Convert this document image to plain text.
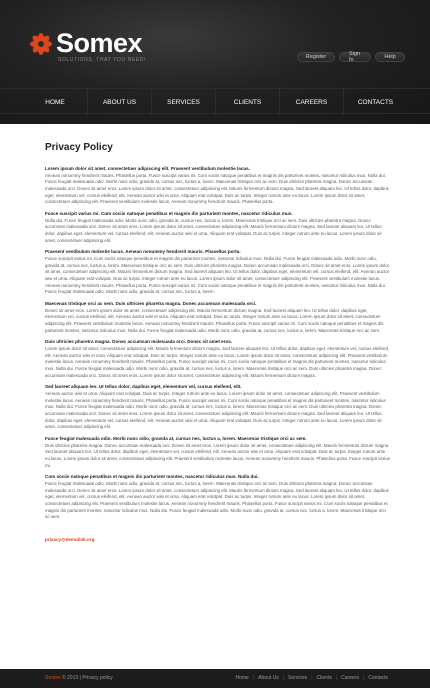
Somex
SOLUTIONS, THAT YOU NEED!	Register	Sign In	Help
HOME	ABOUT US	SERVICES	CLIENTS	CAREERS	CONTACTS
Privacy Policy
Lorem ipsum dolor sit amet, consectetuer adipiscing elit. Praesent vestibulum molestie lacus.
Aenean nonummy hendrerit mauris. Phasellus porta. Fusce suscipit varius mi. Cum sociis natoque penatibus et magnis dis parturient montes, nascetur ridiculus mus. Nulla dui. Fusce feugiat malesuada odio. Morbi nunc odio, gravida at, cursus nec, luctus a, lorem. Maecenas tristique orci ac sem. Duis ultricies pharetra magna. Donec accumsan malesuada orci. Donec sit amet eros. Lorem ipsum dolor sit amet, consectetuer adipiscing elit. Mauris fermentum dictum magna. Sed laoreet aliquam leo. Ut tellus dolor, dapibus eget, elementum vel, cursus eleifend, elit. Aenean auctor wisi et urna. Aliquam erat volutpat. Duis ac turpis. Integer rutrum ante eu lacus. Lorem ipsum dolor sit amet, consectetuer adipiscing elit. Praesent vestibulum molestie lacus. Aenean nonummy hendrerit mauris. Phasellus porta.
Fusce suscipit varius mi. Cum sociis natoque penatibus et magnis dis parturient montes, nascetur ridiculus mus.
Nulla dui. Fusce feugiat malesuada odio. Morbi nunc odio, gravida at, cursus nec, luctus a, lorem. Maecenas tristique orci ac sem. Duis ultricies pharetra magna. Donec accumsan malesuada orci. Donec sit amet eros. Lorem ipsum dolor sit amet, consectetuer adipiscing elit. Mauris fermentum dictum magna. Sed laoreet aliquam leo. Ut tellus dolor, dapibus eget, elementum vel, cursus eleifend, elit. Aenean auctor wisi et urna. Aliquam erat volutpat. Duis ac turpis. Integer rutrum ante eu lacus. Lorem ipsum dolor sit amet, consectetuer adipiscing elit.
Praesent vestibulum molestie lacus. Aenean nonummy hendrerit mauris. Phasellus porta.
Fusce suscipit varius mi. Cum sociis natoque penatibus et magnis dis parturient montes, nascetur ridiculus mus. Nulla dui. Fusce feugiat malesuada odio. Morbi nunc odio, gravida at, cursus nec, luctus a, lorem. Maecenas tristique orci ac sem. Duis ultricies pharetra magna. Donec accumsan malesuada orci. Donec sit amet eros. Lorem ipsum dolor sit amet, consectetuer adipiscing elit. Mauris fermentum dictum magna. Sed laoreet aliquam leo. Ut tellus dolor, dapibus eget, elementum vel, cursus eleifend, elit. Aenean auctor wisi et urna. Aliquam erat volutpat. Duis ac turpis. Integer rutrum ante eu lacus. Lorem ipsum dolor sit amet, consectetuer adipiscing elit. Praesent vestibulum molestie lacus. Aenean nonummy hendrerit mauris. Phasellus porta. Fusce suscipit varius mi. Cum sociis natoque penatibus et magnis dis parturient montes, nascetur ridiculus mus. Nulla dui. Fusce feugiat malesuada odio. Morbi nunc odio, gravida at, cursus nec, luctus a, lorem.
Maecenas tristique orci ac sem. Duis ultricies pharetra magna. Donec accumsan malesuada orci.
Donec sit amet eros. Lorem ipsum dolor sit amet, consectetuer adipiscing elit. Mauris fermentum dictum magna. Sed laoreet aliquam leo. Ut tellus dolor, dapibus eget, elementum vel, cursus eleifend, elit. Aenean auctor wisi et urna. Aliquam erat volutpat. Duis ac turpis. Integer rutrum ante eu lacus. Lorem ipsum dolor sit amet, consectetuer adipiscing elit. Praesent vestibulum molestie lacus. Aenean nonummy hendrerit mauris. Phasellus porta. Fusce suscipit varius mi. Cum sociis natoque penatibus et magnis dis parturient montes, nascetur ridiculus mus. Nulla dui. Fusce feugiat malesuada odio. Morbi nunc odio, gravida at, cursus nec, luctus a, lorem. Maecenas tristique orci ac sem.
Duis ultricies pharetra magna. Donec accumsan malesuada orci. Donec sit amet eros.
Lorem ipsum dolor sit amet, consectetuer adipiscing elit. Mauris fermentum dictum magna. Sed laoreet aliquam leo. Ut tellus dolor, dapibus eget, elementum vel, cursus eleifend, elit. Aenean auctor wisi et urna. Aliquam erat volutpat. Duis ac turpis. Integer rutrum ante eu lacus. Lorem ipsum dolor sit amet, consectetuer adipiscing elit. Praesent vestibulum molestie lacus. Aenean nonummy hendrerit mauris. Phasellus porta. Fusce suscipit varius mi. Cum sociis natoque penatibus et magnis dis parturient montes, nascetur ridiculus mus. Nulla dui. Fusce feugiat malesuada odio. Morbi nunc odio, gravida at, cursus nec, luctus a, lorem. Maecenas tristique orci ac sem. Duis ultricies pharetra magna. Donec accumsan malesuada orci. Donec sit amet eros. Lorem ipsum dolor sit amet, consectetuer adipiscing elit. Mauris fermentum dictum magna.
Sed laoreet aliquam leo. Ut tellus dolor, dapibus eget, elementum vel, cursus eleifend, elit.
Aenean auctor wisi et urna. Aliquam erat volutpat. Duis ac turpis. Integer rutrum ante eu lacus. Lorem ipsum dolor sit amet, consectetuer adipiscing elit. Praesent vestibulum molestie lacus. Aenean nonummy hendrerit mauris. Phasellus porta. Fusce suscipit varius mi. Cum sociis natoque penatibus et magnis dis parturient montes, nascetur ridiculus mus. Nulla dui. Fusce feugiat malesuada odio. Morbi nunc odio, gravida at, cursus nec, luctus a, lorem. Maecenas tristique orci ac sem. Duis ultricies pharetra magna. Donec accumsan malesuada orci. Donec sit amet eros. Lorem ipsum dolor sit amet, consectetuer adipiscing elit. Mauris fermentum dictum magna. Sed laoreet aliquam leo. Ut tellus dolor, dapibus eget, elementum vel, cursus eleifend, elit. Aenean auctor wisi et urna. Aliquam erat volutpat. Duis ac turpis. Integer rutrum ante eu lacus. Lorem ipsum dolor sit amet, consectetuer adipiscing elit.
Fusce feugiat malesuada odio. Morbi nunc odio, gravida at, cursus nec, luctus a, lorem. Maecenas tristique orci ac sem.
Duis ultricies pharetra magna. Donec accumsan malesuada orci. Donec sit amet eros. Lorem ipsum dolor sit amet, consectetuer adipiscing elit. Mauris fermentum dictum magna. Sed laoreet aliquam leo. Ut tellus dolor, dapibus eget, elementum vel, cursus eleifend, elit. Aenean auctor wisi et urna. Aliquam erat volutpat. Duis ac turpis. Integer rutrum ante eu lacus. Lorem ipsum dolor sit amet, consectetuer adipiscing elit. Praesent vestibulum molestie lacus. Aenean nonummy hendrerit mauris. Phasellus porta. Fusce suscipit varius mi.
Cum sociis natoque penatibus et magnis dis parturient montes, nascetur ridiculus mus. Nulla dui.
Fusce feugiat malesuada odio. Morbi nunc odio, gravida at, cursus nec, luctus a, lorem. Maecenas tristique orci ac sem. Duis ultricies pharetra magna. Donec accumsan malesuada orci. Donec sit amet eros. Lorem ipsum dolor sit amet, consectetuer adipiscing elit. Mauris fermentum dictum magna. Sed laoreet aliquam leo. Ut tellus dolor, dapibus eget, elementum vel, cursus eleifend, elit. Aenean auctor wisi et urna. Aliquam erat volutpat. Duis ac turpis. Integer rutrum ante eu lacus. Lorem ipsum dolor sit amet, consectetuer adipiscing elit. Praesent vestibulum molestie lacus. Aenean nonummy hendrerit mauris. Phasellus porta. Fusce suscipit varius mi. Cum sociis natoque penatibus et magnis dis parturient montes, nascetur ridiculus mus. Nulla dui. Fusce feugiat malesuada odio. Morbi nunc odio, gravida at, cursus nec, luctus a, lorem. Maecenas tristique orci ac sem.
privacy@demolink.org
Somex © 2013 | Privacy policy	Home | About Us | Services | Clients | Careers | Contacts
